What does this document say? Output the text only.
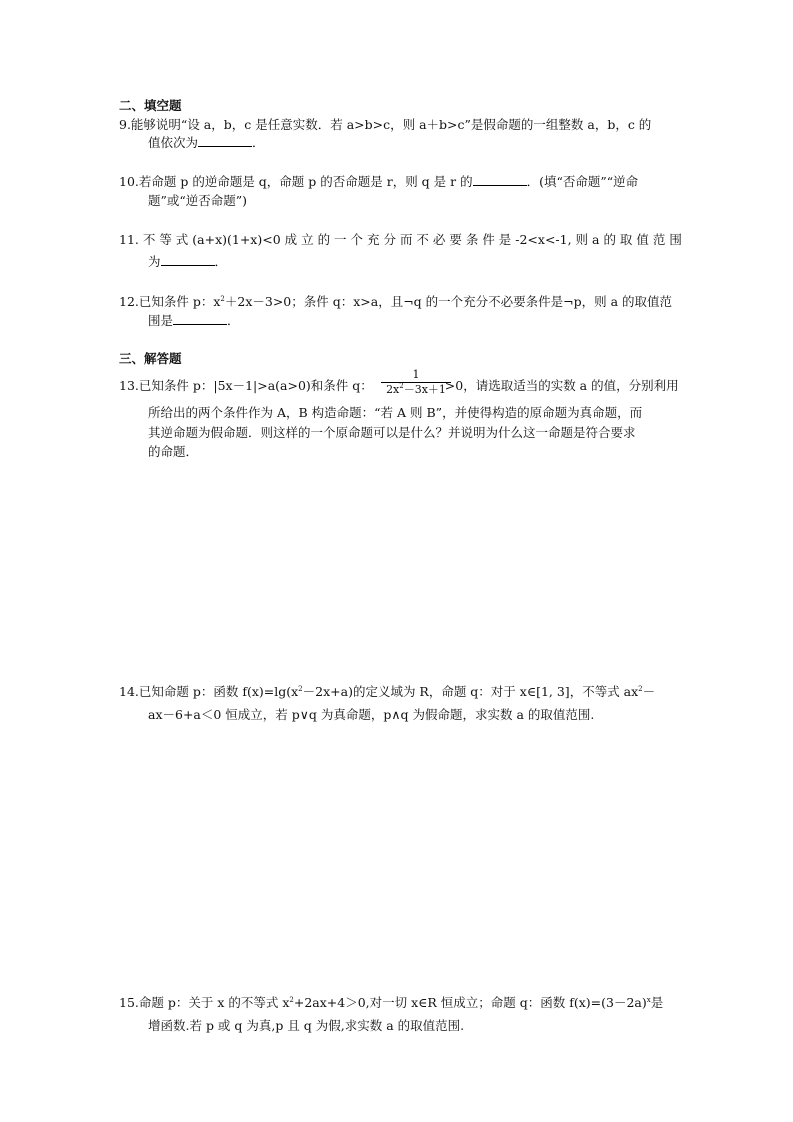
二、填空题
9.能够说明“设 a，b，c 是任意实数．若 a>b>c，则 a＋b>c”是假命题的一组整数 a，b，c 的
值依次为	．
10.若命题 p 的逆命题是 q，命题 p 的否命题是 r，则 q 是 r 的	．(填“否命题”“逆命
题”或“逆否命题”)
11. 不 等 式 (a+x)(1+x)<0 成 立 的 一 个 充 分 而 不 必 要 条 件 是 -2<x<-1, 则 a 的 取 值 范 围
为	．
12.已知条件 p：$x^2+2x-3>0$；条件 q：x>a，且¬q 的一个充分不必要条件是¬p，则 a 的取值范
围是	．
三、解答题
13.已知条件 p：|5x－1|>a(a>0)和条件 q：	>0，请选取适当的实数 a 的值，分别利用
1
$2x^2-3x+1$
所给出的两个条件作为 A，B 构造命题：“若 A 则 B”，并使得构造的原命题为真命题，而
其逆命题为假命题．则这样的一个原命题可以是什么？并说明为什么这一命题是符合要求
的命题．
14.已知命题 p：函数 $f(x)=\lg(x^2-2x+a)$的定义域为 R，命题 q：对于 x∈[1, 3]，不等式 $ax^2-$
ax－6+a＜0 恒成立，若 p∨q 为真命题，p∧q 为假命题，求实数 a 的取值范围.
15.命题 p：关于 x 的不等式 $x^2+2ax+4>0$,对一切 x∈R 恒成立；命题 q：函数 $f(x)=(3-2a)^x$是
增函数.若 p 或 q 为真,p 且 q 为假,求实数 a 的取值范围.
